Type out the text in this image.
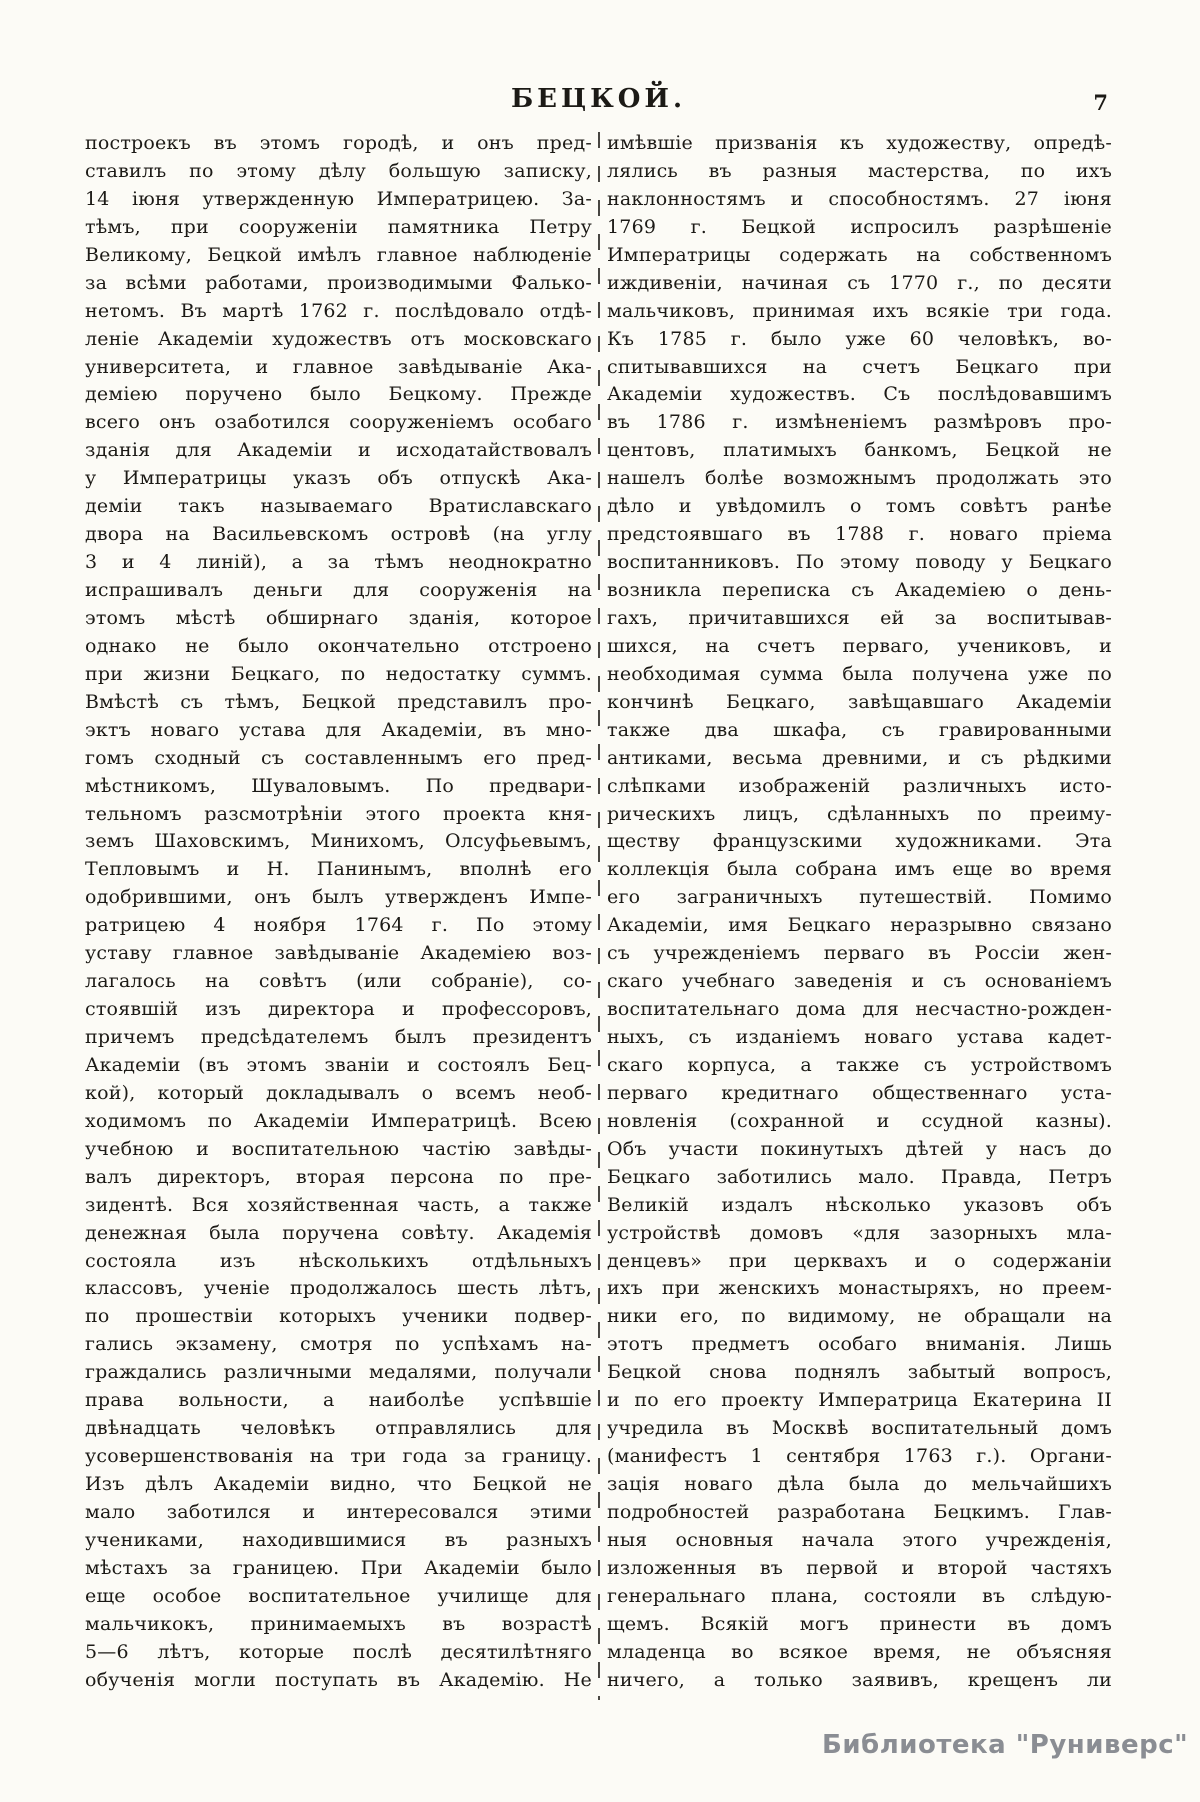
БЕЦКОЙ.	7
построекъ въ этомъ городѣ, и онъ пред-
ставилъ по этому дѣлу большую записку,
14 іюня утвержденную Императрицею. За-
тѣмъ, при сооруженіи памятника Петру
Великому, Бецкой имѣлъ главное наблюденіе
за всѣми работами, производимыми Фалько-
нетомъ. Въ мартѣ 1762 г. послѣдовало отдѣ-
леніе Академіи художествъ отъ московскаго
университета, и главное завѣдываніе Ака-
деміею поручено было Бецкому. Прежде
всего онъ озаботился сооруженіемъ особаго
зданія для Академіи и исходатайствовалъ
у Императрицы указъ объ отпускѣ Ака-
деміи такъ называемаго Вратиславскаго
двора на Васильевскомъ островѣ (на углу
3 и 4 линій), а за тѣмъ неоднократно
испрашивалъ деньги для сооруженія на
этомъ мѣстѣ обширнаго зданія, которое
однако не было окончательно отстроено
при жизни Бецкаго, по недостатку суммъ.
Вмѣстѣ съ тѣмъ, Бецкой представилъ про-
эктъ новаго устава для Академіи, въ мно-
гомъ сходный съ составленнымъ его пред-
мѣстникомъ, Шуваловымъ. По предвари-
тельномъ разсмотрѣніи этого проекта кня-
земъ Шаховскимъ, Минихомъ, Олсуфьевымъ,
Тепловымъ и Н. Панинымъ, вполнѣ его
одобрившими, онъ былъ утвержденъ Импе-
ратрицею 4 ноября 1764 г. По этому
уставу главное завѣдываніе Академіею воз-
лагалось на совѣтъ (или собраніе), со-
стоявшій изъ директора и профессоровъ,
причемъ предсѣдателемъ былъ президентъ
Академіи (въ этомъ званіи и состоялъ Бец-
кой), который докладывалъ о всемъ необ-
ходимомъ по Академіи Императрицѣ. Всею
учебною и воспитательною частію завѣды-
валъ директоръ, вторая персона по пре-
зидентѣ. Вся хозяйственная часть, а также
денежная была поручена совѣту. Академія
состояла изъ нѣсколькихъ отдѣльныхъ
классовъ, ученіе продолжалось шесть лѣтъ,
по прошествіи которыхъ ученики подвер-
гались экзамену, смотря по успѣхамъ на-
граждались различными медалями, получали
права вольности, а наиболѣе успѣвшіе
двѣнадцать человѣкъ отправлялись для
усовершенствованія на три года за границу.
Изъ дѣлъ Академіи видно, что Бецкой не
мало заботился и интересовался этими
учениками, находившимися въ разныхъ
мѣстахъ за границею. При Академіи было
еще особое воспитательное училище для
мальчикокъ, принимаемыхъ въ возрастѣ
5—6 лѣтъ, которые послѣ десятилѣтняго
обученія могли поступать въ Академію. Не
имѣвшіе призванія къ художеству, опредѣ-
лялись въ разныя мастерства, по ихъ
наклонностямъ и способностямъ. 27 іюня
1769 г. Бецкой испросилъ разрѣшеніе
Императрицы содержать на собственномъ
иждивеніи, начиная съ 1770 г., по десяти
мальчиковъ, принимая ихъ всякіе три года.
Къ 1785 г. было уже 60 человѣкъ, во-
спитывавшихся на счетъ Бецкаго при
Академіи художествъ. Съ послѣдовавшимъ
въ 1786 г. измѣненіемъ размѣровъ про-
центовъ, платимыхъ банкомъ, Бецкой не
нашелъ болѣе возможнымъ продолжать это
дѣло и увѣдомилъ о томъ совѣтъ ранѣе
предстоявшаго въ 1788 г. новаго пріема
воспитанниковъ. По этому поводу у Бецкаго
возникла переписка съ Академіею о день-
гахъ, причитавшихся ей за воспитывав-
шихся, на счетъ перваго, учениковъ, и
необходимая сумма была получена уже по
кончинѣ Бецкаго, завѣщавшаго Академіи
также два шкафа, съ гравированными
антиками, весьма древними, и съ рѣдкими
слѣпками изображеній различныхъ исто-
рическихъ лицъ, сдѣланныхъ по преиму-
ществу французскими художниками. Эта
коллекція была собрана имъ еще во время
его заграничныхъ путешествій. Помимо
Академіи, имя Бецкаго неразрывно связано
съ учрежденіемъ перваго въ Россіи жен-
скаго учебнаго заведенія и съ основаніемъ
воспитательнаго дома для несчастно-рожден-
ныхъ, съ изданіемъ новаго устава кадет-
скаго корпуса, а также съ устройствомъ
перваго кредитнаго общественнаго уста-
новленія (сохранной и ссудной казны).
Объ участи покинутыхъ дѣтей у насъ до
Бецкаго заботились мало. Правда, Петръ
Великій издалъ нѣсколько указовъ объ
устройствѣ домовъ «для зазорныхъ мла-
денцевъ» при церквахъ и о содержаніи
ихъ при женскихъ монастыряхъ, но преем-
ники его, по видимому, не обращали на
этотъ предметъ особаго вниманія. Лишь
Бецкой снова поднялъ забытый вопросъ,
и по его проекту Императрица Екатерина II
учредила въ Москвѣ воспитательный домъ
(манифестъ 1 сентября 1763 г.). Органи-
зація новаго дѣла была до мельчайшихъ
подробностей разработана Бецкимъ. Глав-
ныя основныя начала этого учрежденія,
изложенныя въ первой и второй частяхъ
генеральнаго плана, состояли въ слѣдую-
щемъ. Всякій могъ принести въ домъ
младенца во всякое время, не объясняя
ничего, а только заявивъ, крещенъ ли
Библиотека "Руниверс"
